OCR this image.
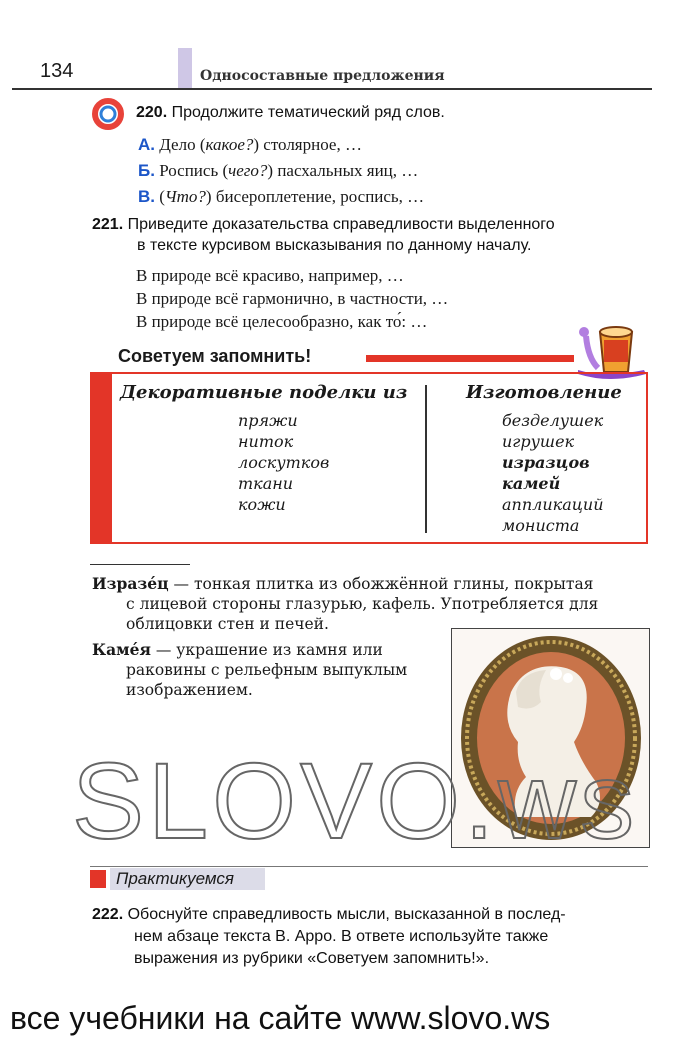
134	Односоставные предложения
220. Продолжите тематический ряд слов.
А. Дело (какое?) столярное, …
Б. Роспись (чего?) пасхальных яиц, …
В. (Что?) бисероплетение, роспись, …
221. Приведите доказательства справедливости выделенного
в тексте курсивом высказывания по данному началу.
В природе всё красиво, например, …
В природе всё гармонично, в частности, …
В природе всё целесообразно, как то́: …
Советуем запомнить!
Декоративные поделки из
пряжи
ниток
лоскутков
ткани
кожи
Изготовление
безделушек
игрушек
изразцов
камей
аппликаций
мониста
Изразе́ц — тонкая плитка из обожжённой глины, покрытая
с лицевой стороны глазурью, кафель. Употребляется для
облицовки стен и печей.
Каме́я — украшение из камня или
раковины с рельефным выпуклым
изображением.
SLOVO.ws
Практикуемся
222. Обоснуйте справедливость мысли, высказанной в послед-
нем абзаце текста В. Арро. В ответе используйте также
выражения из рубрики «Советуем запомнить!».
все учебники на сайте www.slovo.ws
